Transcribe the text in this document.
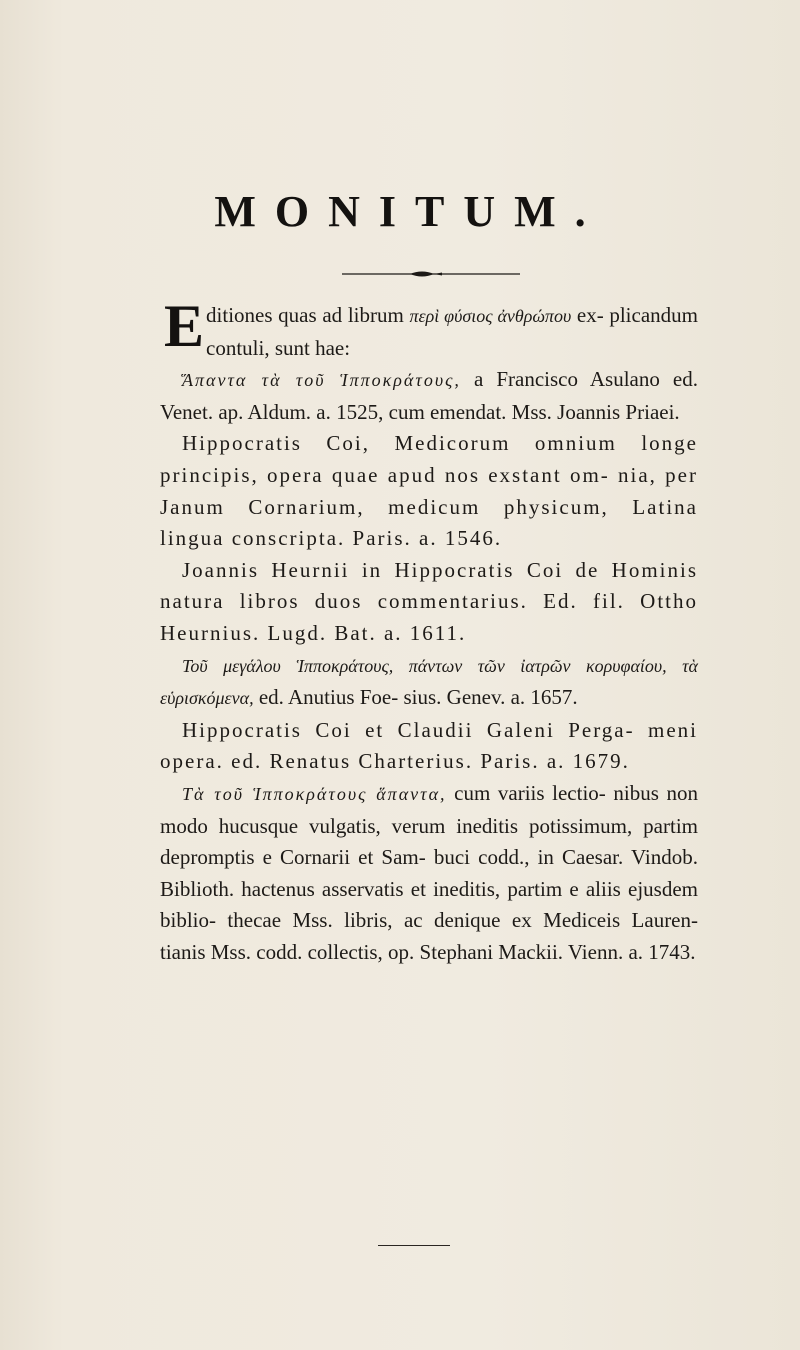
MONITUM.

Editiones quas ad librum περὶ φύσιος ἀνθρώπου ex- plicandum contuli, sunt hae:

Ἅπαντα τὰ τοῦ Ἱπποκράτους, a Francisco Asulano ed. Venet. ap. Aldum. a. 1525, cum emendat. Mss. Joannis Priaei.

Hippocratis Coi, Medicorum omnium longe principis, opera quae apud nos exstant om- nia, per Janum Cornarium, medicum physicum, Latina lingua conscripta. Paris. a. 1546.

Joannis Heurnii in Hippocratis Coi de Hominis natura libros duos commentarius. Ed. fil. Ottho Heurnius. Lugd. Bat. a. 1611.

Τοῦ μεγάλου Ἱπποκράτους, πάντων τῶν ἰατρῶν κορυφαίου, τὰ εὑρισκόμενα, ed. Anutius Foe- sius. Genev. a. 1657.

Hippocratis Coi et Claudii Galeni Perga- meni opera. ed. Renatus Charterius. Paris. a. 1679.

Τὰ τοῦ Ἱπποκράτους ἅπαντα, cum variis lectio- nibus non modo hucusque vulgatis, verum ineditis potissimum, partim depromptis e Cornarii et Sam- buci codd., in Caesar. Vindob. Biblioth. hactenus asservatis et ineditis, partim e aliis ejusdem biblio- thecae Mss. libris, ac denique ex Mediceis Lauren- tianis Mss. codd. collectis, op. Stephani Mackii. Vienn. a. 1743.
